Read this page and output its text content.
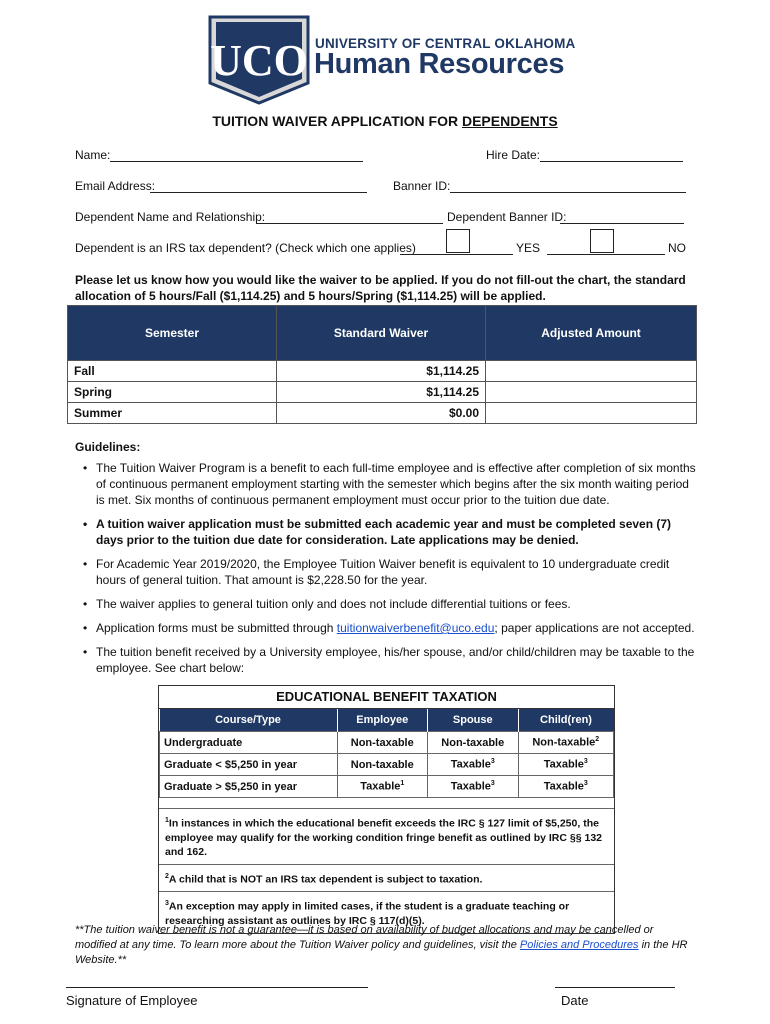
UCO UNIVERSITY OF CENTRAL OKLAHOMA
Human Resources
TUITION WAIVER APPLICATION FOR DEPENDENTS
Name:	Hire Date:
Email Address:	Banner ID:
Dependent Name and Relationship:	Dependent Banner ID:
Dependent is an IRS tax dependent? (Check which one applies)	YES	NO
Please let us know how you would like the waiver to be applied. If you do not fill-out the chart, the standard allocation of 5 hours/Fall ($1,114.25) and 5 hours/Spring ($1,114.25) will be applied.
Semester	Standard Waiver	Adjusted Amount
Fall	$1,114.25	
Spring	$1,114.25	
Summer	$0.00	
Guidelines:
• The Tuition Waiver Program is a benefit to each full-time employee and is effective after completion of six months of continuous permanent employment starting with the semester which begins after the six month waiting period is met. Six months of continuous permanent employment must occur prior to the tuition due date.
• A tuition waiver application must be submitted each academic year and must be completed seven (7) days prior to the tuition due date for consideration. Late applications may be denied.
• For Academic Year 2019/2020, the Employee Tuition Waiver benefit is equivalent to 10 undergraduate credit hours of general tuition. That amount is $2,228.50 for the year.
• The waiver applies to general tuition only and does not include differential tuitions or fees.
• Application forms must be submitted through tuitionwaiverbenefit@uco.edu; paper applications are not accepted.
• The tuition benefit received by a University employee, his/her spouse, and/or child/children may be taxable to the employee. See chart below:
EDUCATIONAL BENEFIT TAXATION
Course/Type	Employee	Spouse	Child(ren)
Undergraduate	Non-taxable	Non-taxable	Non-taxable$^2$
Graduate < $5,250 in year	Non-taxable	Taxable$^3$	Taxable$^3$
Graduate > $5,250 in year	Taxable$^1$	Taxable$^3$	Taxable$^3$
$^1$In instances in which the educational benefit exceeds the IRC § 127 limit of $5,250, the employee may qualify for the working condition fringe benefit as outlined by IRC §§ 132 and 162.
$^2$A child that is NOT an IRS tax dependent is subject to taxation.
$^3$An exception may apply in limited cases, if the student is a graduate teaching or researching assistant as outlines by IRC § 117(d)(5).
**The tuition waiver benefit is not a guarantee—it is based on availability of budget allocations and may be cancelled or modified at any time. To learn more about the Tuition Waiver policy and guidelines, visit the Policies and Procedures in the HR Website.**
Signature of Employee	Date
